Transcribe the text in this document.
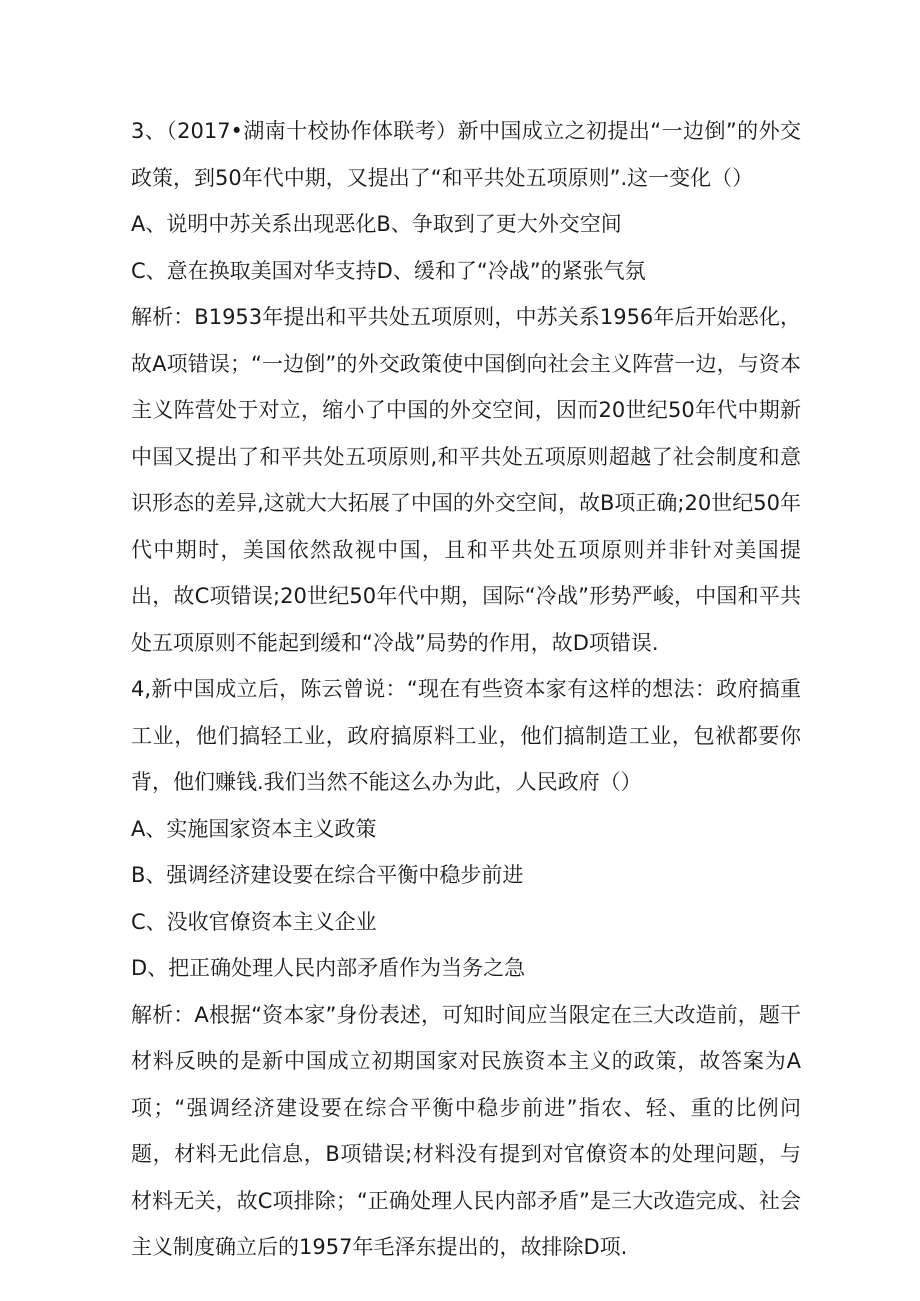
3、（2017•湖南十校协作体联考）新中国成立之初提出“一边倒”的外交政策，到50年代中期，又提出了“和平共处五项原则”.这一变化（）

A、说明中苏关系出现恶化B、争取到了更大外交空间

C、意在换取美国对华支持D、缓和了“冷战”的紧张气氛

解析：B1953年提出和平共处五项原则，中苏关系1956年后开始恶化，故A项错误；“一边倒”的外交政策使中国倒向社会主义阵营一边，与资本主义阵营处于对立，缩小了中国的外交空间，因而20世纪50年代中期新中国又提出了和平共处五项原则,和平共处五项原则超越了社会制度和意识形态的差异,这就大大拓展了中国的外交空间，故B项正确;20世纪50年代中期时，美国依然敌视中国，且和平共处五项原则并非针对美国提出，故C项错误;20世纪50年代中期，国际“冷战”形势严峻，中国和平共处五项原则不能起到缓和“冷战”局势的作用，故D项错误.

4,新中国成立后，陈云曾说：“现在有些资本家有这样的想法：政府搞重工业，他们搞轻工业，政府搞原料工业，他们搞制造工业，包袱都要你背，他们赚钱.我们当然不能这么办为此，人民政府（）

A、实施国家资本主义政策

B、强调经济建设要在综合平衡中稳步前进

C、没收官僚资本主义企业

D、把正确处理人民内部矛盾作为当务之急

解析：A根据“资本家”身份表述，可知时间应当限定在三大改造前，题干材料反映的是新中国成立初期国家对民族资本主义的政策，故答案为A项；“强调经济建设要在综合平衡中稳步前进”指农、轻、重的比例问题，材料无此信息，B项错误;材料没有提到对官僚资本的处理问题，与材料无关，故C项排除；“正确处理人民内部矛盾”是三大改造完成、社会主义制度确立后的1957年毛泽东提出的，故排除D项.
